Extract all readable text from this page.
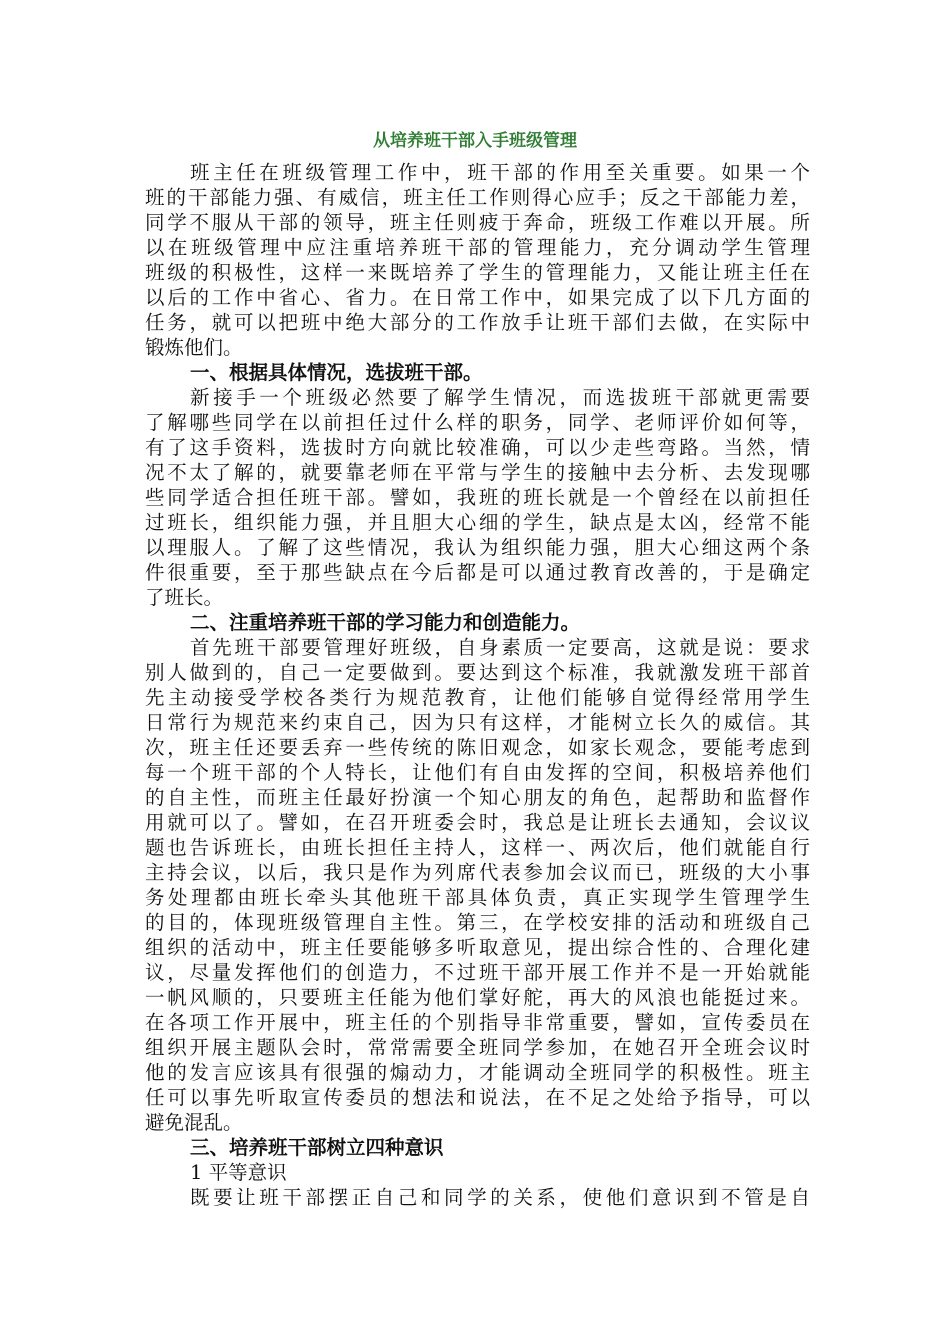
从培养班干部入手班级管理
班主任在班级管理工作中，班干部的作用至关重要。如果一个
班的干部能力强、有威信，班主任工作则得心应手；反之干部能力差，
同学不服从干部的领导，班主任则疲于奔命，班级工作难以开展。所
以在班级管理中应注重培养班干部的管理能力，充分调动学生管理
班级的积极性，这样一来既培养了学生的管理能力，又能让班主任在
以后的工作中省心、省力。在日常工作中，如果完成了以下几方面的
任务，就可以把班中绝大部分的工作放手让班干部们去做，在实际中
锻炼他们。
一、根据具体情况，选拔班干部。
新接手一个班级必然要了解学生情况，而选拔班干部就更需要
了解哪些同学在以前担任过什么样的职务，同学、老师评价如何等，
有了这手资料，选拔时方向就比较准确，可以少走些弯路。当然，情
况不太了解的，就要靠老师在平常与学生的接触中去分析、去发现哪
些同学适合担任班干部。譬如，我班的班长就是一个曾经在以前担任
过班长，组织能力强，并且胆大心细的学生，缺点是太凶，经常不能
以理服人。了解了这些情况，我认为组织能力强，胆大心细这两个条
件很重要，至于那些缺点在今后都是可以通过教育改善的，于是确定
了班长。
二、注重培养班干部的学习能力和创造能力。
首先班干部要管理好班级，自身素质一定要高，这就是说：要求
别人做到的，自己一定要做到。要达到这个标准，我就激发班干部首
先主动接受学校各类行为规范教育，让他们能够自觉得经常用学生
日常行为规范来约束自己，因为只有这样，才能树立长久的威信。其
次，班主任还要丢弃一些传统的陈旧观念，如家长观念，要能考虑到
每一个班干部的个人特长，让他们有自由发挥的空间，积极培养他们
的自主性，而班主任最好扮演一个知心朋友的角色，起帮助和监督作
用就可以了。譬如，在召开班委会时，我总是让班长去通知，会议议
题也告诉班长，由班长担任主持人，这样一、两次后，他们就能自行
主持会议，以后，我只是作为列席代表参加会议而已，班级的大小事
务处理都由班长牵头其他班干部具体负责，真正实现学生管理学生
的目的，体现班级管理自主性。第三，在学校安排的活动和班级自己
组织的活动中，班主任要能够多听取意见，提出综合性的、合理化建
议，尽量发挥他们的创造力，不过班干部开展工作并不是一开始就能
一帆风顺的，只要班主任能为他们掌好舵，再大的风浪也能挺过来。
在各项工作开展中，班主任的个别指导非常重要，譬如，宣传委员在
组织开展主题队会时，常常需要全班同学参加，在她召开全班会议时
他的发言应该具有很强的煽动力，才能调动全班同学的积极性。班主
任可以事先听取宣传委员的想法和说法，在不足之处给予指导，可以
避免混乱。
三、培养班干部树立四种意识
1 平等意识
既要让班干部摆正自己和同学的关系，使他们意识到不管是自
